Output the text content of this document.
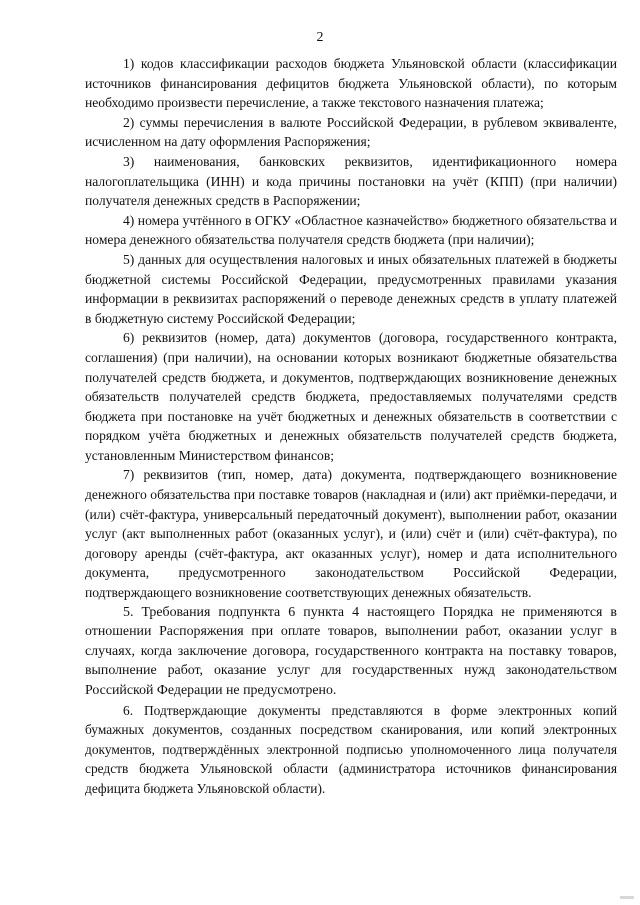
2

1) кодов классификации расходов бюджета Ульяновской области (классификации источников финансирования дефицитов бюджета Ульяновской области), по которым необходимо произвести перечисление, а также текстового назначения платежа;

2) суммы перечисления в валюте Российской Федерации, в рублевом эквиваленте, исчисленном на дату оформления Распоряжения;

3) наименования, банковских реквизитов, идентификационного номера налогоплательщика (ИНН) и кода причины постановки на учёт (КПП) (при наличии) получателя денежных средств в Распоряжении;

4) номера учтённого в ОГКУ «Областное казначейство» бюджетного обязательства и номера денежного обязательства получателя средств бюджета (при наличии);

5) данных для осуществления налоговых и иных обязательных платежей в бюджеты бюджетной системы Российской Федерации, предусмотренных правилами указания информации в реквизитах распоряжений о переводе денежных средств в уплату платежей в бюджетную систему Российской Федерации;

6) реквизитов (номер, дата) документов (договора, государственного контракта, соглашения) (при наличии), на основании которых возникают бюджетные обязательства получателей средств бюджета, и документов, подтверждающих возникновение денежных обязательств получателей средств бюджета, предоставляемых получателями средств бюджета при постановке на учёт бюджетных и денежных обязательств в соответствии с порядком учёта бюджетных и денежных обязательств получателей средств бюджета, установленным Министерством финансов;

7) реквизитов (тип, номер, дата) документа, подтверждающего возникновение денежного обязательства при поставке товаров (накладная и (или) акт приёмки-передачи, и (или) счёт-фактура, универсальный передаточный документ), выполнении работ, оказании услуг (акт выполненных работ (оказанных услуг), и (или) счёт и (или) счёт-фактура), по договору аренды (счёт-фактура, акт оказанных услуг), номер и дата исполнительного документа, предусмотренного законодательством Российской Федерации, подтверждающего возникновение соответствующих денежных обязательств.

5. Требования подпункта 6 пункта 4 настоящего Порядка не применяются в отношении Распоряжения при оплате товаров, выполнении работ, оказании услуг в случаях, когда заключение договора, государственного контракта на поставку товаров, выполнение работ, оказание услуг для государственных нужд законодательством Российской Федерации не предусмотрено.

6. Подтверждающие документы представляются в форме электронных копий бумажных документов, созданных посредством сканирования, или копий электронных документов, подтверждённых электронной подписью уполномоченного лица получателя средств бюджета Ульяновской области (администратора источников финансирования дефицита бюджета Ульяновской области).
